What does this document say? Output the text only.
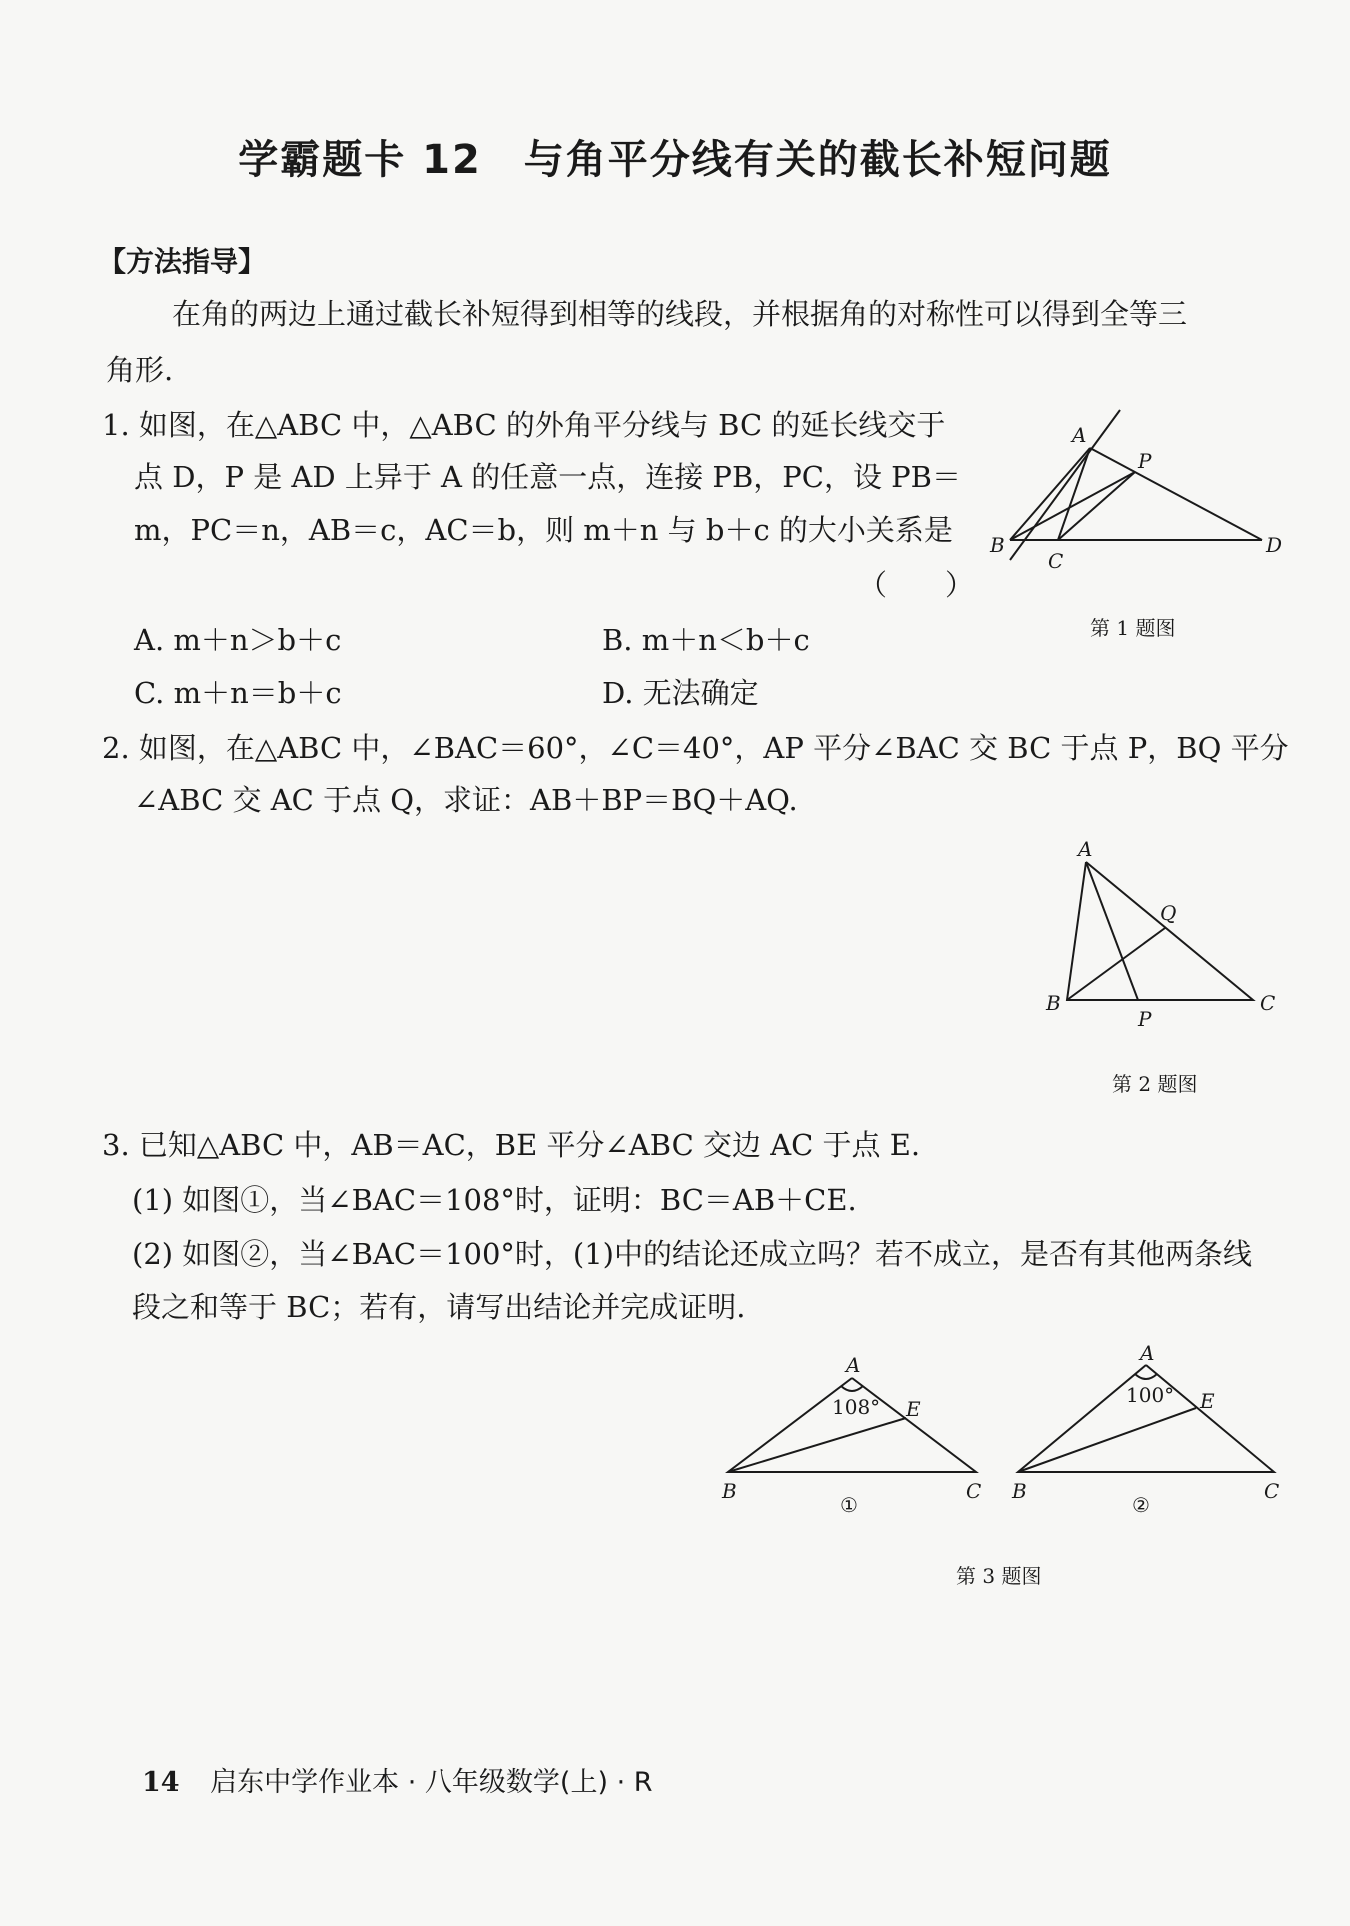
学霸题卡 12　与角平分线有关的截长补短问题
【方法指导】
在角的两边上通过截长补短得到相等的线段，并根据角的对称性可以得到全等三
角形.
1. 如图，在△ABC 中，△ABC 的外角平分线与 BC 的延长线交于
点 D，P 是 AD 上异于 A 的任意一点，连接 PB，PC，设 PB＝
m，PC＝n，AB＝c，AC＝b，则 m＋n 与 b＋c 的大小关系是
（　　）
A. m＋n＞b＋c	B. m＋n＜b＋c
C. m＋n＝b＋c	D. 无法确定
A
P
B
C
D
第 1 题图
2. 如图，在△ABC 中，∠BAC＝60°，∠C＝40°，AP 平分∠BAC 交 BC 于点 P，BQ 平分
∠ABC 交 AC 于点 Q，求证：AB＋BP＝BQ＋AQ.
A
Q
B
P
C
第 2 题图
3. 已知△ABC 中，AB＝AC，BE 平分∠ABC 交边 AC 于点 E.
(1) 如图①，当∠BAC＝108°时，证明：BC＝AB＋CE.
(2) 如图②，当∠BAC＝100°时，(1)中的结论还成立吗？若不成立，是否有其他两条线
段之和等于 BC；若有，请写出结论并完成证明.
A
E
B	C
108°
①
A
E
B	C
100°
②
第 3 题图
14 启东中学作业本 · 八年级数学(上) · R
